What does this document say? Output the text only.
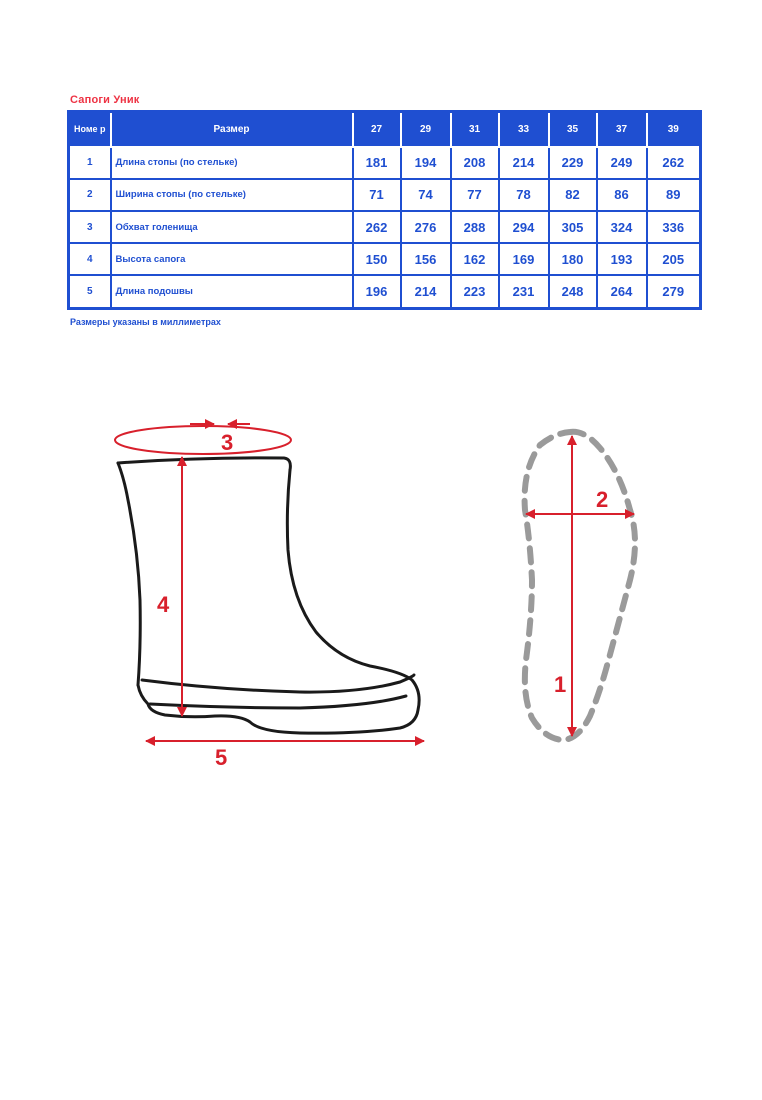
Сапоги Уник
Номе р	Размер	27	29	31	33	35	37	39
1	Длина стопы (по стельке)	181	194	208	214	229	249	262
2	Ширина стопы (по стельке)	71	74	77	78	82	86	89
3	Обхват голенища	262	276	288	294	305	324	336
4	Высота сапога	150	156	162	169	180	193	205
5	Длина подошвы	196	214	223	231	248	264	279
Размеры указаны в миллиметрах
3
4
5
1
2
